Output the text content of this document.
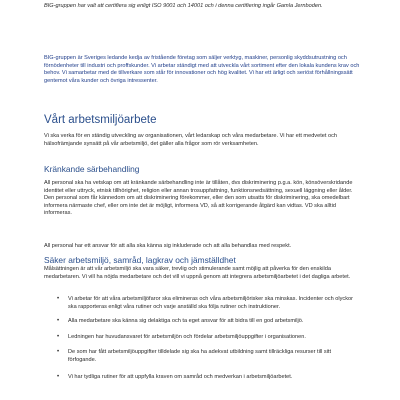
BIG-gruppen har valt att certifiera sig enligt ISO 9001 och 14001 och i denna certifiering ingår Gamla Jernboden.

BIG-gruppen är Sveriges ledande kedja av fristående företag som säljer verktyg, maskiner, personlig skyddsutrustning och förnödenheter till industri och proffskunder. Vi arbetar ständigt med att utveckla vårt sortiment efter den lokala kundens krav och behov. Vi samarbetar med de tillverkare som står för innovationer och hög kvalitet. Vi har ett ärligt och seriöst förhållningssätt gentemot våra kunder och övriga intressenter.

Vårt arbetsmiljöarbete

Vi ska verka för en ständig utveckling av organisationen, vårt ledarskap och våra medarbetare. Vi har ett medvetet och hälsofrämjande synsätt på vår arbetsmiljö, det gäller alla frågor som rör verksamheten.

Kränkande särbehandling

All personal ska ha vetskap om att kränkande särbehandling inte är tillåten, dvs diskriminering p.g.a. kön, könsöverskridande identitet eller uttryck, etnisk tillhörighet, religion eller annan trosuppfattning, funktionsnedsättning, sexuell läggning eller ålder. Den personal som får kännedom om att diskriminering förekommer, eller den som utsatts för diskriminering, ska omedelbart informera närmaste chef, eller om inte det är möjligt, informera VD, så att korrigerande åtgärd kan vidtas. VD ska alltid informeras.

All personal har ett ansvar för att alla ska känna sig inkluderade och att alla behandlas med respekt.

Säker arbetsmiljö, samråd, lagkrav och jämställdhet

Målsättningen är att vår arbetsmiljö ska vara säker, trevlig och stimulerande samt möjlig att påverka för den enskilda medarbetaren. Vi vill ha nöjda medarbetare och det vill vi uppnå genom att integrera arbetsmiljöarbetet i det dagliga arbetet.

• Vi arbetar för att våra arbetsmiljöfaror ska elimineras och våra arbetsmiljörisker ska minskas. Incidenter och olyckor ska rapporteras enligt våra rutiner och varje anställd ska följa rutiner och instruktioner.
• Alla medarbetare ska känna sig delaktiga och ta eget ansvar för att bidra till en god arbetsmiljö.
• Ledningen har huvudansvaret för arbetsmiljön och fördelar arbetsmiljöuppgifter i organisationen.
• De som har fått arbetsmiljöuppgifter tilldelade sig ska ha adekvat utbildning samt tillräckliga resurser till sitt förfogande.
• Vi har tydliga rutiner för att uppfylla kraven om samråd och medverkan i arbetsmiljöarbetet.
